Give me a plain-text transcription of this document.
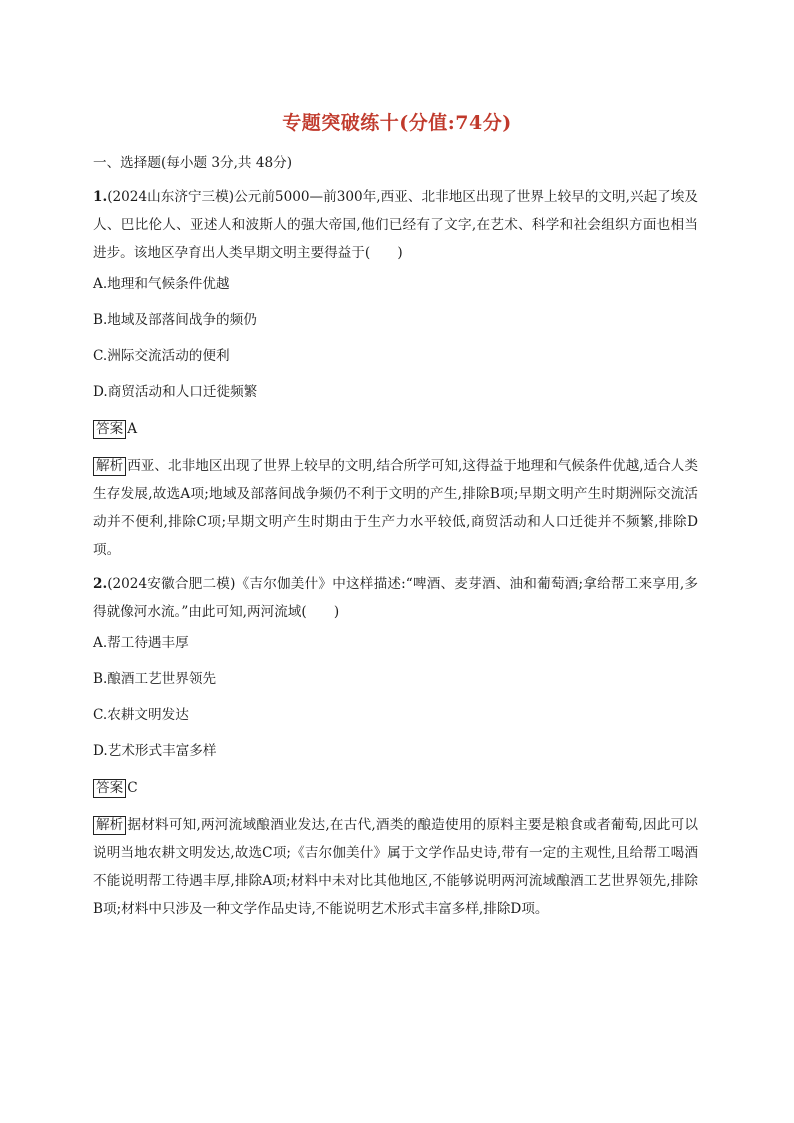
专题突破练十(分值:74分)
一、选择题(每小题 3分,共 48分)

1.(2024山东济宁三模)公元前5000—前300年,西亚、北非地区出现了世界上较早的文明,兴起了埃及人、巴比伦人、亚述人和波斯人的强大帝国,他们已经有了文字,在艺术、科学和社会组织方面也相当进步。该地区孕育出人类早期文明主要得益于(　　)

A.地理和气候条件优越
B.地域及部落间战争的频仍
C.洲际交流活动的便利
D.商贸活动和人口迁徙频繁
答案 A
解析 西亚、北非地区出现了世界上较早的文明,结合所学可知,这得益于地理和气候条件优越,适合人类生存发展,故选A项;地域及部落间战争频仍不利于文明的产生,排除B项;早期文明产生时期洲际交流活动并不便利,排除C项;早期文明产生时期由于生产力水平较低,商贸活动和人口迁徙并不频繁,排除D项。

2.(2024安徽合肥二模)《吉尔伽美什》中这样描述:“啤酒、麦芽酒、油和葡萄酒;拿给帮工来享用,多得就像河水流。”由此可知,两河流域(　　)

A.帮工待遇丰厚
B.酿酒工艺世界领先
C.农耕文明发达
D.艺术形式丰富多样
答案 C
解析 据材料可知,两河流域酿酒业发达,在古代,酒类的酿造使用的原料主要是粮食或者葡萄,因此可以说明当地农耕文明发达,故选C项;《吉尔伽美什》属于文学作品史诗,带有一定的主观性,且给帮工喝酒不能说明帮工待遇丰厚,排除A项;材料中未对比其他地区,不能够说明两河流域酿酒工艺世界领先,排除B项;材料中只涉及一种文学作品史诗,不能说明艺术形式丰富多样,排除D项。
